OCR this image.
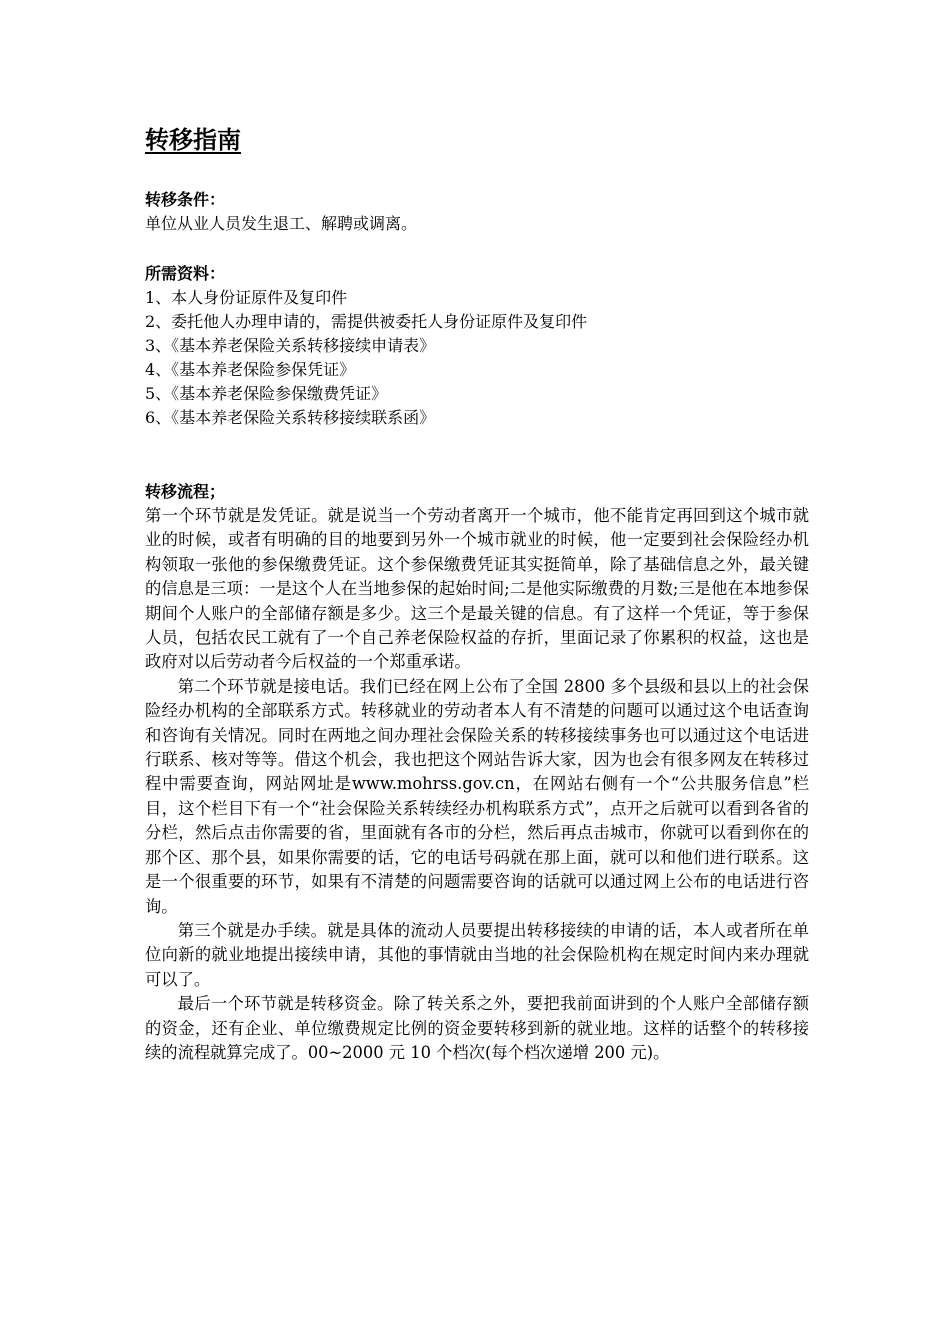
转移指南

转移条件：

单位从业人员发生退工、解聘或调离。

所需资料：

1、本人身份证原件及复印件

2、委托他人办理申请的，需提供被委托人身份证原件及复印件

3、《基本养老保险关系转移接续申请表》

4、《基本养老保险参保凭证》

5、《基本养老保险参保缴费凭证》

6、《基本养老保险关系转移接续联系函》

转移流程；

第一个环节就是发凭证。就是说当一个劳动者离开一个城市，他不能肯定再回到这个城市就业的时候，或者有明确的目的地要到另外一个城市就业的时候，他一定要到社会保险经办机构领取一张他的参保缴费凭证。这个参保缴费凭证其实挺简单，除了基础信息之外，最关键的信息是三项：一是这个人在当地参保的起始时间;二是他实际缴费的月数;三是他在本地参保期间个人账户的全部储存额是多少。这三个是最关键的信息。有了这样一个凭证，等于参保人员，包括农民工就有了一个自己养老保险权益的存折，里面记录了你累积的权益，这也是政府对以后劳动者今后权益的一个郑重承诺。

第二个环节就是接电话。我们已经在网上公布了全国 2800 多个县级和县以上的社会保险经办机构的全部联系方式。转移就业的劳动者本人有不清楚的问题可以通过这个电话查询和咨询有关情况。同时在两地之间办理社会保险关系的转移接续事务也可以通过这个电话进行联系、核对等等。借这个机会，我也把这个网站告诉大家，因为也会有很多网友在转移过程中需要查询，网站网址是www.mohrss.gov.cn，在网站右侧有一个“公共服务信息”栏目，这个栏目下有一个“社会保险关系转续经办机构联系方式”，点开之后就可以看到各省的分栏，然后点击你需要的省，里面就有各市的分栏，然后再点击城市，你就可以看到你在的那个区、那个县，如果你需要的话，它的电话号码就在那上面，就可以和他们进行联系。这是一个很重要的环节，如果有不清楚的问题需要咨询的话就可以通过网上公布的电话进行咨询。

第三个就是办手续。就是具体的流动人员要提出转移接续的申请的话，本人或者所在单位向新的就业地提出接续申请，其他的事情就由当地的社会保险机构在规定时间内来办理就可以了。

最后一个环节就是转移资金。除了转关系之外，要把我前面讲到的个人账户全部储存额的资金，还有企业、单位缴费规定比例的资金要转移到新的就业地。这样的话整个的转移接续的流程就算完成了。00~2000 元 10 个档次(每个档次递增 200 元)。
